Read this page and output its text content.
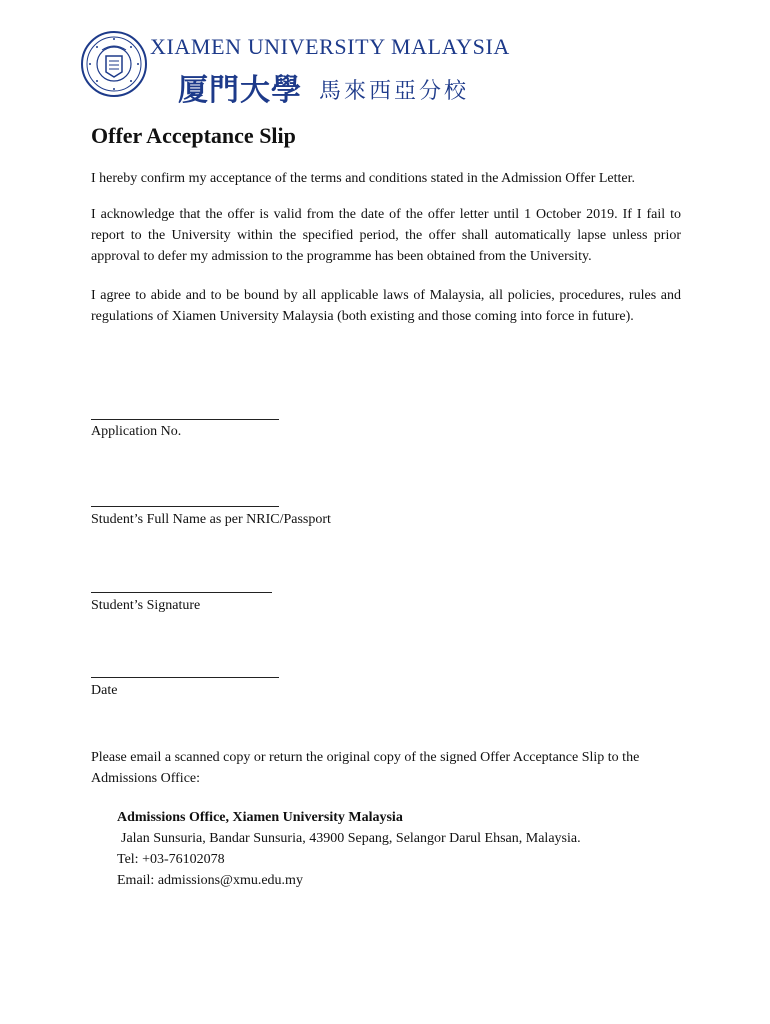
XIAMEN UNIVERSITY MALAYSIA
厦門大學 馬來西亞分校
Offer Acceptance Slip

I hereby confirm my acceptance of the terms and conditions stated in the Admission Offer Letter.

I acknowledge that the offer is valid from the date of the offer letter until 1 October 2019. If I fail to report to the University within the specified period, the offer shall automatically lapse unless prior approval to defer my admission to the programme has been obtained from the University.

I agree to abide and to be bound by all applicable laws of Malaysia, all policies, procedures, rules and regulations of Xiamen University Malaysia (both existing and those coming into force in future).

Application No.
Student’s Full Name as per NRIC/Passport
Student’s Signature
Date

Please email a scanned copy or return the original copy of the signed Offer Acceptance Slip to the Admissions Office:

Admissions Office, Xiamen University Malaysia
Jalan Sunsuria, Bandar Sunsuria, 43900 Sepang, Selangor Darul Ehsan, Malaysia.
Tel: +03-76102078
Email: admissions@xmu.edu.my
